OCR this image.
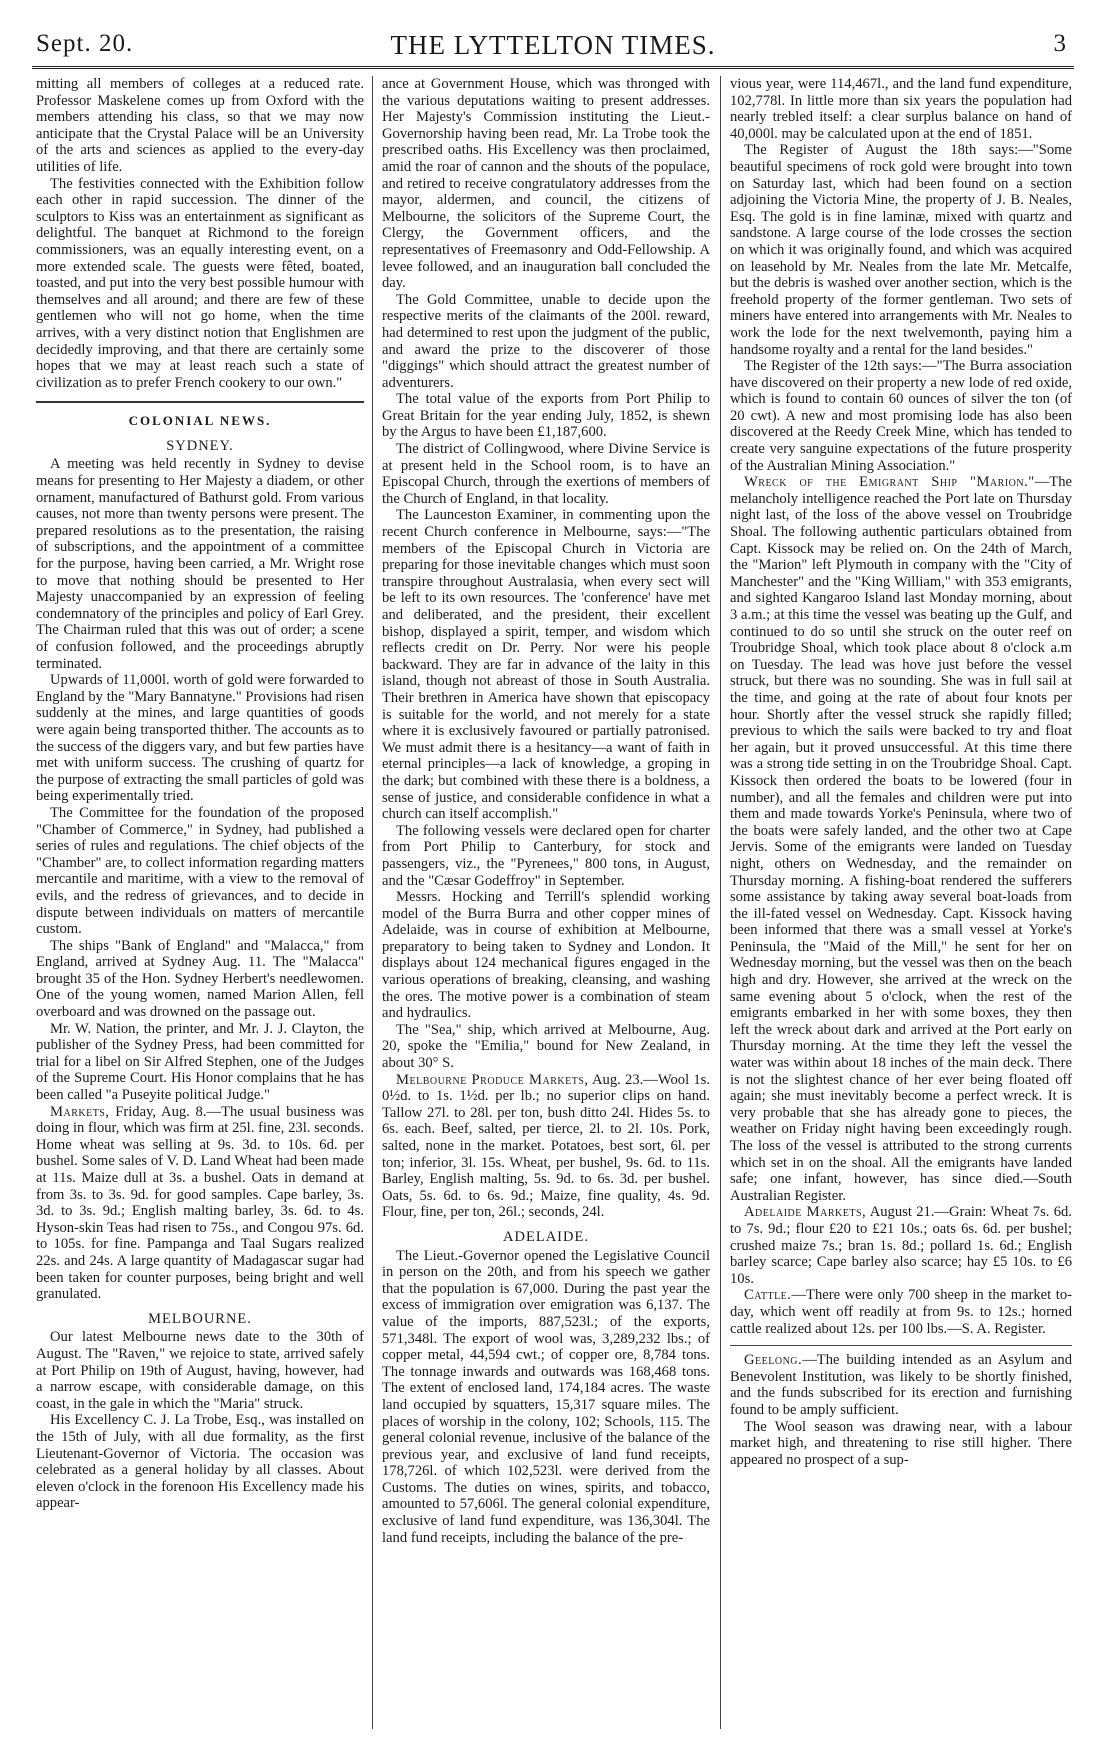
Sept. 20.	THE LYTTELTON TIMES.	3

mitting all members of colleges at a reduced rate. Professor Maskelene comes up from Oxford with the members attending his class, so that we may now anticipate that the Crystal Palace will be an University of the arts and sciences as applied to the every-day utilities of life.

The festivities connected with the Exhibition follow each other in rapid succession. The dinner of the sculptors to Kiss was an entertainment as significant as delightful. The banquet at Richmond to the foreign commissioners, was an equally interesting event, on a more extended scale. The guests were fêted, boated, toasted, and put into the very best possible humour with themselves and all around; and there are few of these gentlemen who will not go home, when the time arrives, with a very distinct notion that Englishmen are decidedly improving, and that there are certainly some hopes that we may at least reach such a state of civilization as to prefer French cookery to our own."

COLONIAL NEWS.
SYDNEY.

A meeting was held recently in Sydney to devise means for presenting to Her Majesty a diadem, or other ornament, manufactured of Bathurst gold. From various causes, not more than twenty persons were present. The prepared resolutions as to the presentation, the raising of subscriptions, and the appointment of a committee for the purpose, having been carried, a Mr. Wright rose to move that nothing should be presented to Her Majesty unaccompanied by an expression of feeling condemnatory of the principles and policy of Earl Grey. The Chairman ruled that this was out of order; a scene of confusion followed, and the proceedings abruptly terminated.

Upwards of 11,000l. worth of gold were forwarded to England by the "Mary Bannatyne." Provisions had risen suddenly at the mines, and large quantities of goods were again being transported thither. The accounts as to the success of the diggers vary, and but few parties have met with uniform success. The crushing of quartz for the purpose of extracting the small particles of gold was being experimentally tried.

The Committee for the foundation of the proposed "Chamber of Commerce," in Sydney, had published a series of rules and regulations. The chief objects of the "Chamber" are, to collect information regarding matters mercantile and maritime, with a view to the removal of evils, and the redress of grievances, and to decide in dispute between individuals on matters of mercantile custom.

The ships "Bank of England" and "Malacca," from England, arrived at Sydney Aug. 11. The "Malacca" brought 35 of the Hon. Sydney Herbert's needlewomen. One of the young women, named Marion Allen, fell overboard and was drowned on the passage out.

Mr. W. Nation, the printer, and Mr. J. J. Clayton, the publisher of the Sydney Press, had been committed for trial for a libel on Sir Alfred Stephen, one of the Judges of the Supreme Court. His Honor complains that he has been called "a Puseyite political Judge."

Markets, Friday, Aug. 8.—The usual business was doing in flour, which was firm at 25l. fine, 23l. seconds. Home wheat was selling at 9s. 3d. to 10s. 6d. per bushel. Some sales of V. D. Land Wheat had been made at 11s. Maize dull at 3s. a bushel. Oats in demand at from 3s. to 3s. 9d. for good samples. Cape barley, 3s. 3d. to 3s. 9d.; English malting barley, 3s. 6d. to 4s. Hyson-skin Teas had risen to 75s., and Congou 97s. 6d. to 105s. for fine. Pampanga and Taal Sugars realized 22s. and 24s. A large quantity of Madagascar sugar had been taken for counter purposes, being bright and well granulated.

MELBOURNE.

Our latest Melbourne news date to the 30th of August. The "Raven," we rejoice to state, arrived safely at Port Philip on 19th of August, having, however, had a narrow escape, with considerable damage, on this coast, in the gale in which the "Maria" struck.

His Excellency C. J. La Trobe, Esq., was installed on the 15th of July, with all due formality, as the first Lieutenant-Governor of Victoria. The occasion was celebrated as a general holiday by all classes. About eleven o'clock in the forenoon His Excellency made his appear-

ance at Government House, which was thronged with the various deputations waiting to present addresses. Her Majesty's Commission instituting the Lieut.-Governorship having been read, Mr. La Trobe took the prescribed oaths. His Excellency was then proclaimed, amid the roar of cannon and the shouts of the populace, and retired to receive congratulatory addresses from the mayor, aldermen, and council, the citizens of Melbourne, the solicitors of the Supreme Court, the Clergy, the Government officers, and the representatives of Freemasonry and Odd-Fellowship. A levee followed, and an inauguration ball concluded the day.

The Gold Committee, unable to decide upon the respective merits of the claimants of the 200l. reward, had determined to rest upon the judgment of the public, and award the prize to the discoverer of those "diggings" which should attract the greatest number of adventurers.

The total value of the exports from Port Philip to Great Britain for the year ending July, 1852, is shewn by the Argus to have been £1,187,600.

The district of Collingwood, where Divine Service is at present held in the School room, is to have an Episcopal Church, through the exertions of members of the Church of England, in that locality.

The Launceston Examiner, in commenting upon the recent Church conference in Melbourne, says:—"The members of the Episcopal Church in Victoria are preparing for those inevitable changes which must soon transpire throughout Australasia, when every sect will be left to its own resources. The 'conference' have met and deliberated, and the president, their excellent bishop, displayed a spirit, temper, and wisdom which reflects credit on Dr. Perry. Nor were his people backward. They are far in advance of the laity in this island, though not abreast of those in South Australia. Their brethren in America have shown that episcopacy is suitable for the world, and not merely for a state where it is exclusively favoured or partially patronised. We must admit there is a hesitancy—a want of faith in eternal principles—a lack of knowledge, a groping in the dark; but combined with these there is a boldness, a sense of justice, and considerable confidence in what a church can itself accomplish."

The following vessels were declared open for charter from Port Philip to Canterbury, for stock and passengers, viz., the "Pyrenees," 800 tons, in August, and the "Cæsar Godeffroy" in September.

Messrs. Hocking and Terrill's splendid working model of the Burra Burra and other copper mines of Adelaide, was in course of exhibition at Melbourne, preparatory to being taken to Sydney and London. It displays about 124 mechanical figures engaged in the various operations of breaking, cleansing, and washing the ores. The motive power is a combination of steam and hydraulics.

The "Sea," ship, which arrived at Melbourne, Aug. 20, spoke the "Emilia," bound for New Zealand, in about 30° S.

Melbourne Produce Markets, Aug. 23.—Wool 1s. 0½d. to 1s. 1½d. per lb.; no superior clips on hand. Tallow 27l. to 28l. per ton, bush ditto 24l. Hides 5s. to 6s. each. Beef, salted, per tierce, 2l. to 2l. 10s. Pork, salted, none in the market. Potatoes, best sort, 6l. per ton; inferior, 3l. 15s. Wheat, per bushel, 9s. 6d. to 11s. Barley, English malting, 5s. 9d. to 6s. 3d. per bushel. Oats, 5s. 6d. to 6s. 9d.; Maize, fine quality, 4s. 9d. Flour, fine, per ton, 26l.; seconds, 24l.

ADELAIDE.

The Lieut.-Governor opened the Legislative Council in person on the 20th, and from his speech we gather that the population is 67,000. During the past year the excess of immigration over emigration was 6,137. The value of the imports, 887,523l.; of the exports, 571,348l. The export of wool was, 3,289,232 lbs.; of copper metal, 44,594 cwt.; of copper ore, 8,784 tons. The tonnage inwards and outwards was 168,468 tons. The extent of enclosed land, 174,184 acres. The waste land occupied by squatters, 15,317 square miles. The places of worship in the colony, 102; Schools, 115. The general colonial revenue, inclusive of the balance of the previous year, and exclusive of land fund receipts, 178,726l. of which 102,523l. were derived from the Customs. The duties on wines, spirits, and tobacco, amounted to 57,606l. The general colonial expenditure, exclusive of land fund expenditure, was 136,304l. The land fund receipts, including the balance of the pre-

vious year, were 114,467l., and the land fund expenditure, 102,778l. In little more than six years the population had nearly trebled itself: a clear surplus balance on hand of 40,000l. may be calculated upon at the end of 1851.

The Register of August the 18th says:—"Some beautiful specimens of rock gold were brought into town on Saturday last, which had been found on a section adjoining the Victoria Mine, the property of J. B. Neales, Esq. The gold is in fine laminæ, mixed with quartz and sandstone. A large course of the lode crosses the section on which it was originally found, and which was acquired on leasehold by Mr. Neales from the late Mr. Metcalfe, but the debris is washed over another section, which is the freehold property of the former gentleman. Two sets of miners have entered into arrangements with Mr. Neales to work the lode for the next twelvemonth, paying him a handsome royalty and a rental for the land besides."

The Register of the 12th says:—"The Burra association have discovered on their property a new lode of red oxide, which is found to contain 60 ounces of silver the ton (of 20 cwt). A new and most promising lode has also been discovered at the Reedy Creek Mine, which has tended to create very sanguine expectations of the future prosperity of the Australian Mining Association."

Wreck of the Emigrant Ship "Marion."—The melancholy intelligence reached the Port late on Thursday night last, of the loss of the above vessel on Troubridge Shoal. The following authentic particulars obtained from Capt. Kissock may be relied on. On the 24th of March, the "Marion" left Plymouth in company with the "City of Manchester" and the "King William," with 353 emigrants, and sighted Kangaroo Island last Monday morning, about 3 a.m.; at this time the vessel was beating up the Gulf, and continued to do so until she struck on the outer reef on Troubridge Shoal, which took place about 8 o'clock a.m on Tuesday. The lead was hove just before the vessel struck, but there was no sounding. She was in full sail at the time, and going at the rate of about four knots per hour. Shortly after the vessel struck she rapidly filled; previous to which the sails were backed to try and float her again, but it proved unsuccessful. At this time there was a strong tide setting in on the Troubridge Shoal. Capt. Kissock then ordered the boats to be lowered (four in number), and all the females and children were put into them and made towards Yorke's Peninsula, where two of the boats were safely landed, and the other two at Cape Jervis. Some of the emigrants were landed on Tuesday night, others on Wednesday, and the remainder on Thursday morning. A fishing-boat rendered the sufferers some assistance by taking away several boat-loads from the ill-fated vessel on Wednesday. Capt. Kissock having been informed that there was a small vessel at Yorke's Peninsula, the "Maid of the Mill," he sent for her on Wednesday morning, but the vessel was then on the beach high and dry. However, she arrived at the wreck on the same evening about 5 o'clock, when the rest of the emigrants embarked in her with some boxes, they then left the wreck about dark and arrived at the Port early on Thursday morning. At the time they left the vessel the water was within about 18 inches of the main deck. There is not the slightest chance of her ever being floated off again; she must inevitably become a perfect wreck. It is very probable that she has already gone to pieces, the weather on Friday night having been exceedingly rough. The loss of the vessel is attributed to the strong currents which set in on the shoal. All the emigrants have landed safe; one infant, however, has since died.—South Australian Register.

Adelaide Markets, August 21.—Grain: Wheat 7s. 6d. to 7s. 9d.; flour £20 to £21 10s.; oats 6s. 6d. per bushel; crushed maize 7s.; bran 1s. 8d.; pollard 1s. 6d.; English barley scarce; Cape barley also scarce; hay £5 10s. to £6 10s.

Cattle.—There were only 700 sheep in the market to-day, which went off readily at from 9s. to 12s.; horned cattle realized about 12s. per 100 lbs.—S. A. Register.

Geelong.—The building intended as an Asylum and Benevolent Institution, was likely to be shortly finished, and the funds subscribed for its erection and furnishing found to be amply sufficient.

The Wool season was drawing near, with a labour market high, and threatening to rise still higher. There appeared no prospect of a sup-
